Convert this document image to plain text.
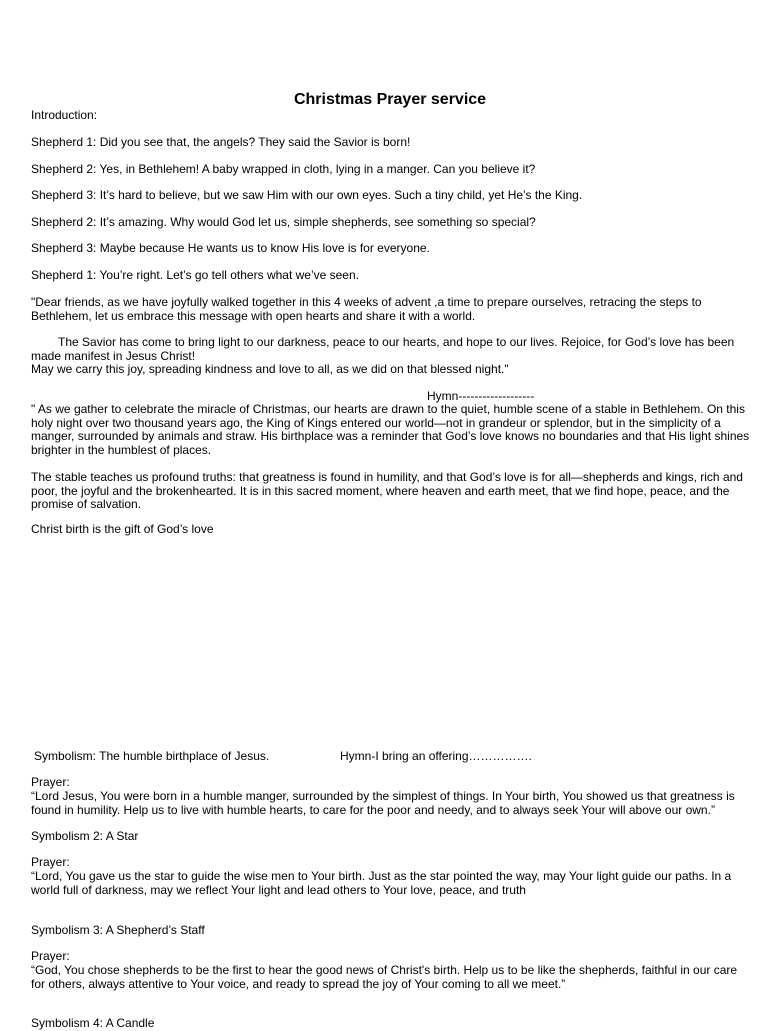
Christmas Prayer service

Introduction:

Shepherd 1: Did you see that, the angels? They said the Savior is born!

Shepherd 2: Yes, in Bethlehem! A baby wrapped in cloth, lying in a manger. Can you believe it?

Shepherd 3: It’s hard to believe, but we saw Him with our own eyes. Such a tiny child, yet He’s the King.

Shepherd 2: It’s amazing. Why would God let us, simple shepherds, see something so special?

Shepherd 3: Maybe because He wants us to know His love is for everyone.

Shepherd 1: You’re right. Let’s go tell others what we’ve seen.

"Dear friends, as we have joyfully walked together in this 4 weeks of advent ,a time to prepare ourselves, retracing the steps to Bethlehem, let us embrace this message with open hearts and share it with a world.

The Savior has come to bring light to our darkness, peace to our hearts, and hope to our lives. Rejoice, for God’s love has been made manifest in Jesus Christ!
May we carry this joy, spreading kindness and love to all, as we did on that blessed night."
Hymn-------------------

" As we gather to celebrate the miracle of Christmas, our hearts are drawn to the quiet, humble scene of a stable in Bethlehem. On this holy night over two thousand years ago, the King of Kings entered our world—not in grandeur or splendor, but in the simplicity of a manger, surrounded by animals and straw. His birthplace was a reminder that God’s love knows no boundaries and that His light shines brighter in the humblest of places.

The stable teaches us profound truths: that greatness is found in humility, and that God’s love is for all—shepherds and kings, rich and poor, the joyful and the brokenhearted. It is in this sacred moment, where heaven and earth meet, that we find hope, peace, and the promise of salvation.

Christ birth is the gift of God’s love

Symbolism: The humble birthplace of Jesus.	Hymn-I bring an offering…………….

Prayer:

“Lord Jesus, You were born in a humble manger, surrounded by the simplest of things. In Your birth, You showed us that greatness is found in humility. Help us to live with humble hearts, to care for the poor and needy, and to always seek Your will above our own.”

Symbolism 2: A Star

Prayer:

“Lord, You gave us the star to guide the wise men to Your birth. Just as the star pointed the way, may Your light guide our paths. In a world full of darkness, may we reflect Your light and lead others to Your love, peace, and truth

Symbolism 3: A Shepherd’s Staff

Prayer:

“God, You chose shepherds to be the first to hear the good news of Christ's birth. Help us to be like the shepherds, faithful in our care for others, always attentive to Your voice, and ready to spread the joy of Your coming to all we meet.”

Symbolism 4: A Candle
